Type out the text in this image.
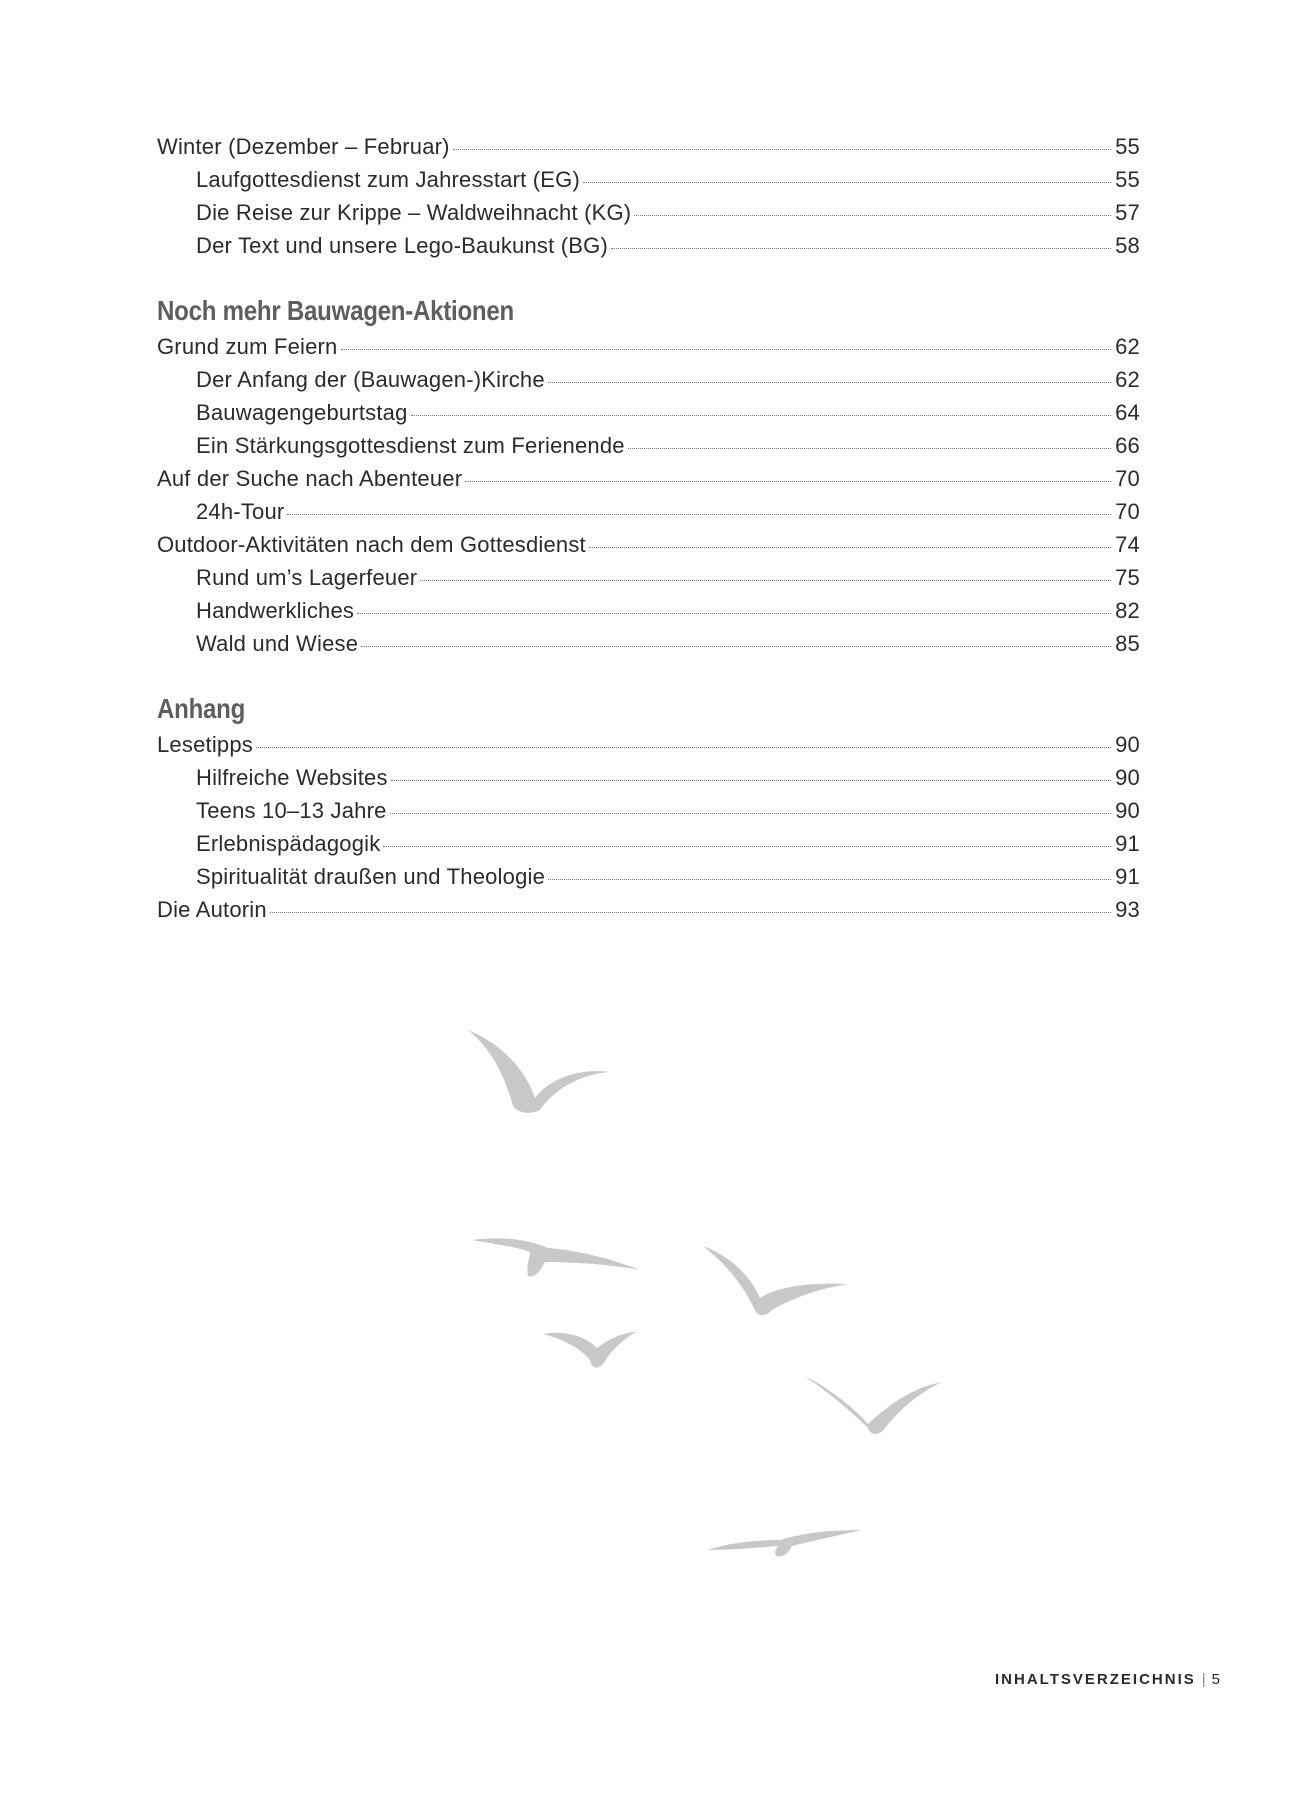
Winter (Dezember – Februar)	55
Laufgottesdienst zum Jahresstart (EG)	55
Die Reise zur Krippe – Waldweihnacht (KG)	57
Der Text und unsere Lego-Baukunst (BG)	58
Noch mehr Bauwagen-Aktionen
Grund zum Feiern	62
Der Anfang der (Bauwagen-)Kirche	62
Bauwagengeburtstag	64
Ein Stärkungsgottesdienst zum Ferienende	66
Auf der Suche nach Abenteuer	70
24h-Tour	70
Outdoor-Aktivitäten nach dem Gottesdienst	74
Rund um’s Lagerfeuer	75
Handwerkliches	82
Wald und Wiese	85
Anhang
Lesetipps	90
Hilfreiche Websites	90
Teens 10–13 Jahre	90
Erlebnispädagogik	91
Spiritualität draußen und Theologie	91
Die Autorin	93
INHALTSVERZEICHNIS | 5
